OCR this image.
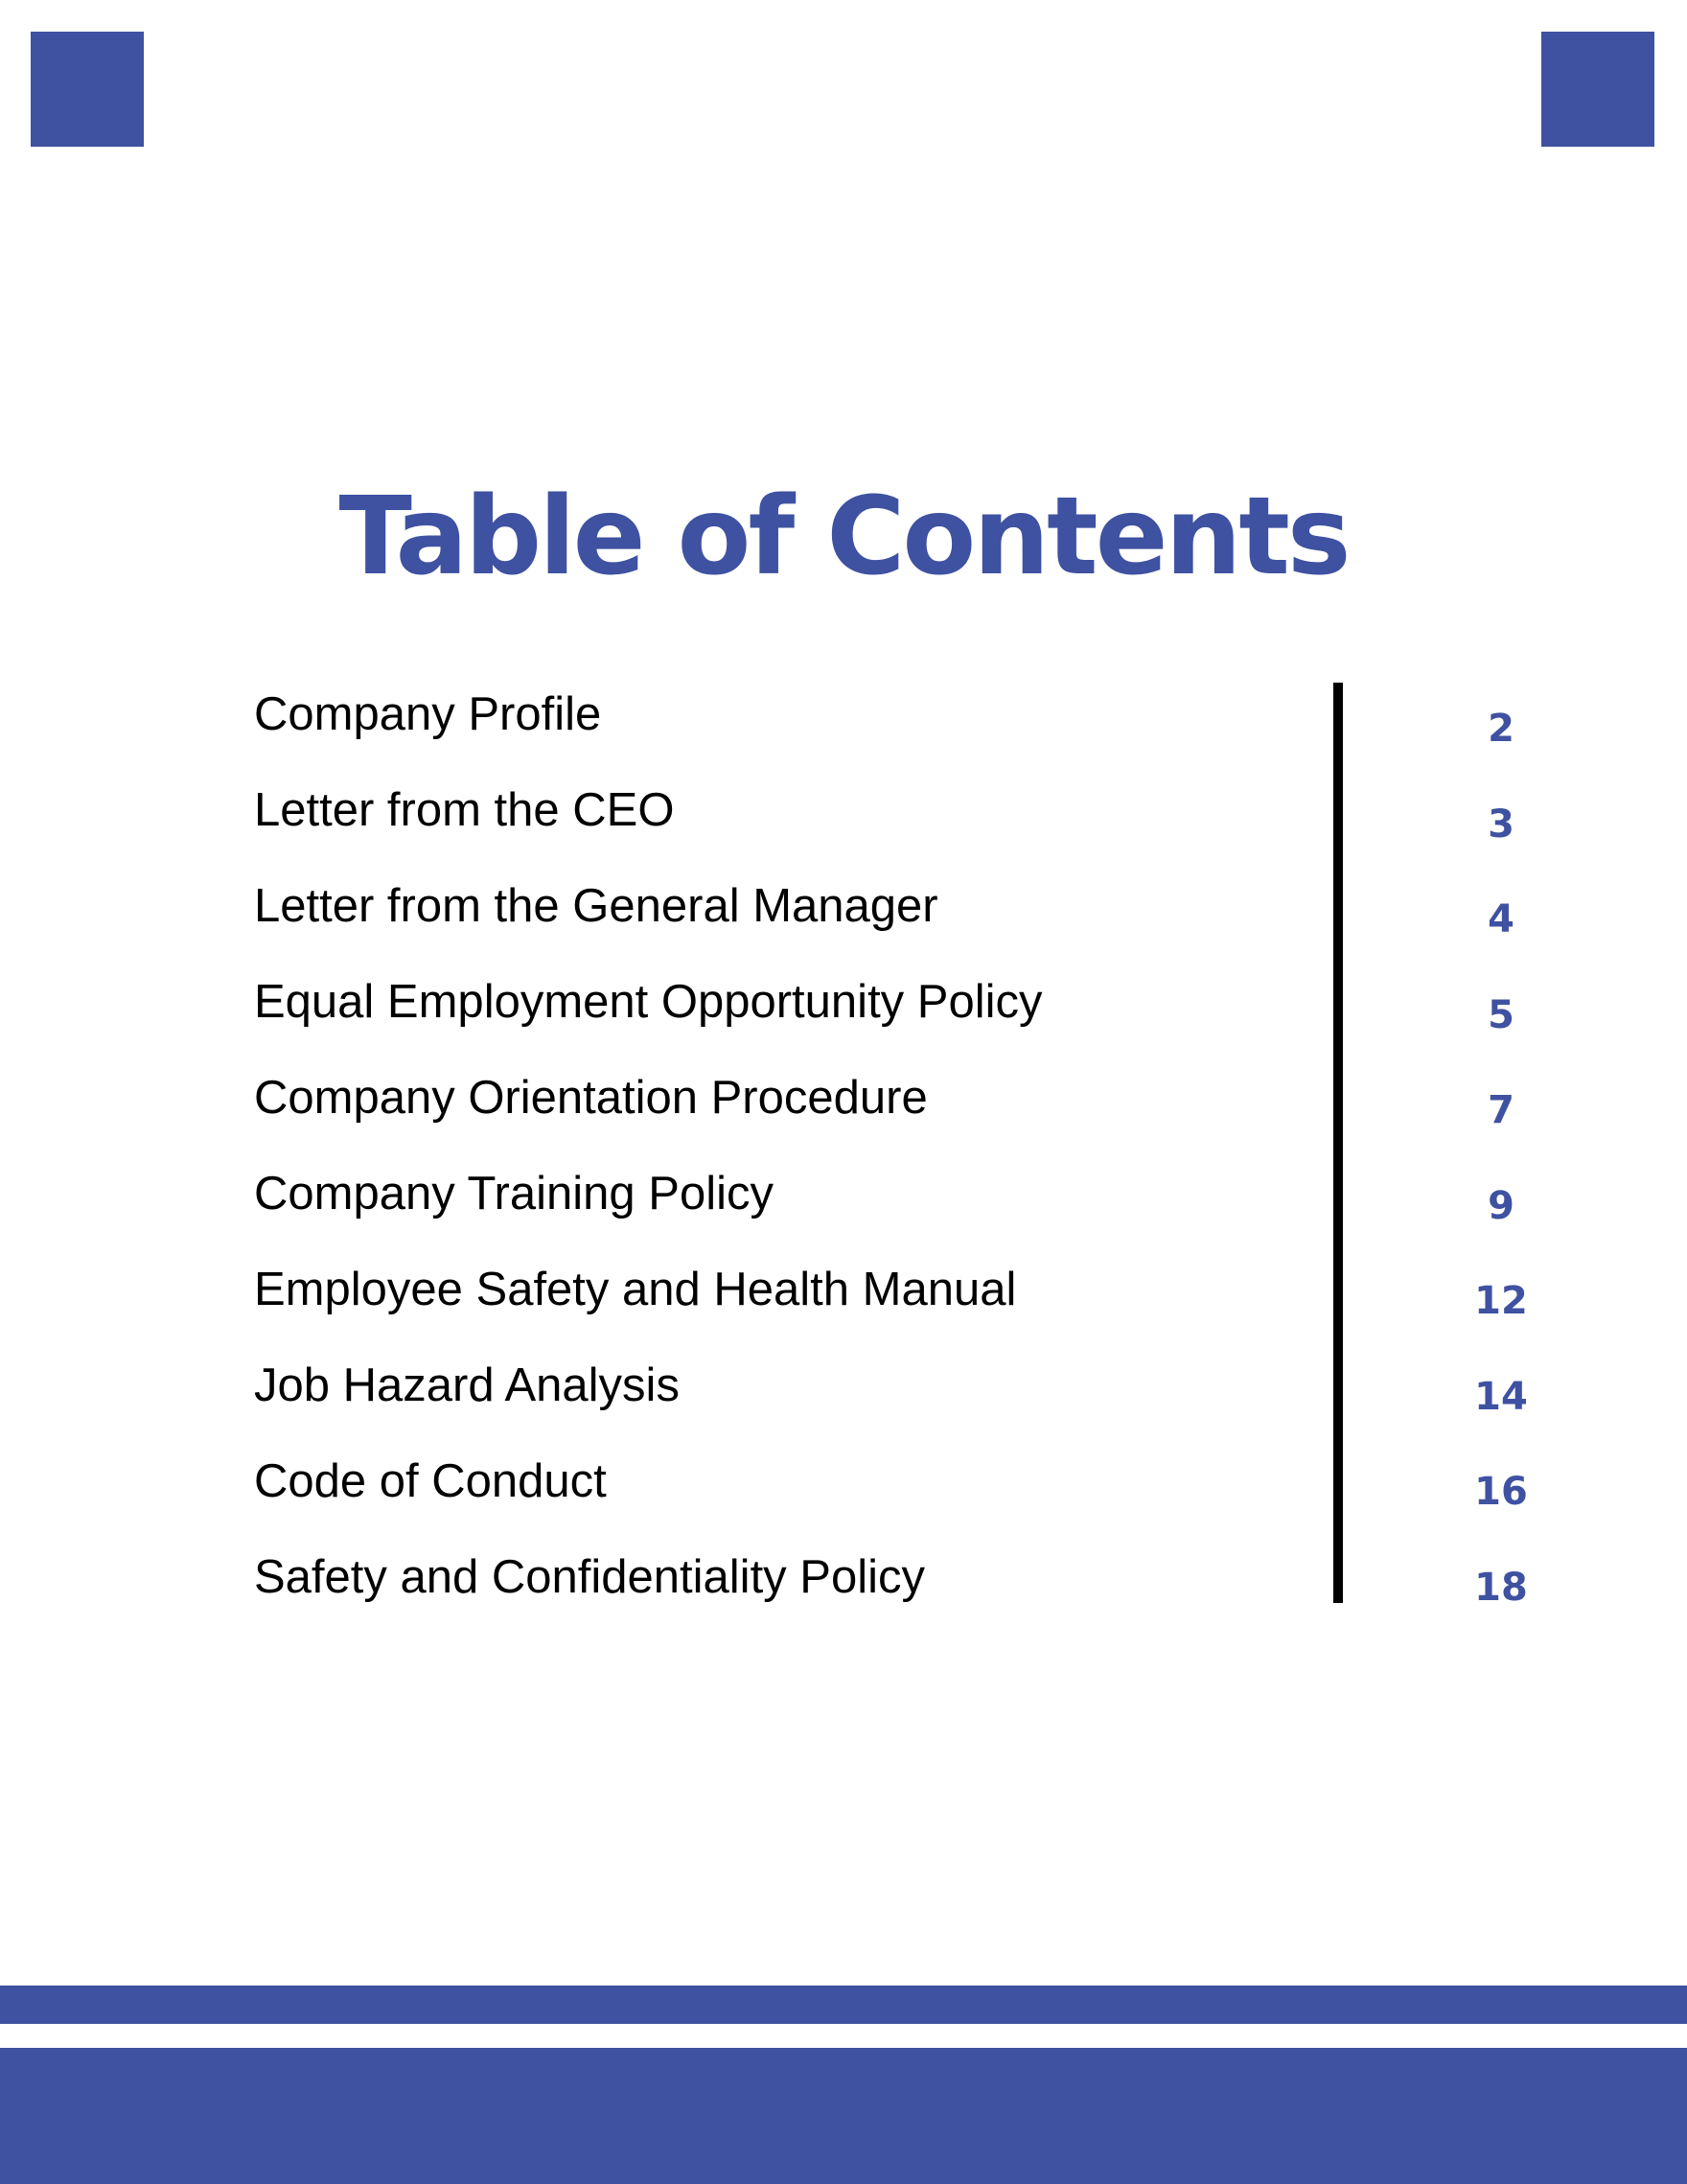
Table of Contents
Company Profile
Letter from the CEO
Letter from the General Manager
Equal Employment Opportunity Policy
Company Orientation Procedure
Company Training Policy
Employee Safety and Health Manual
Job Hazard Analysis
Code of Conduct
Safety and Confidentiality Policy
2
3
4
5
7
9
12
14
16
18
